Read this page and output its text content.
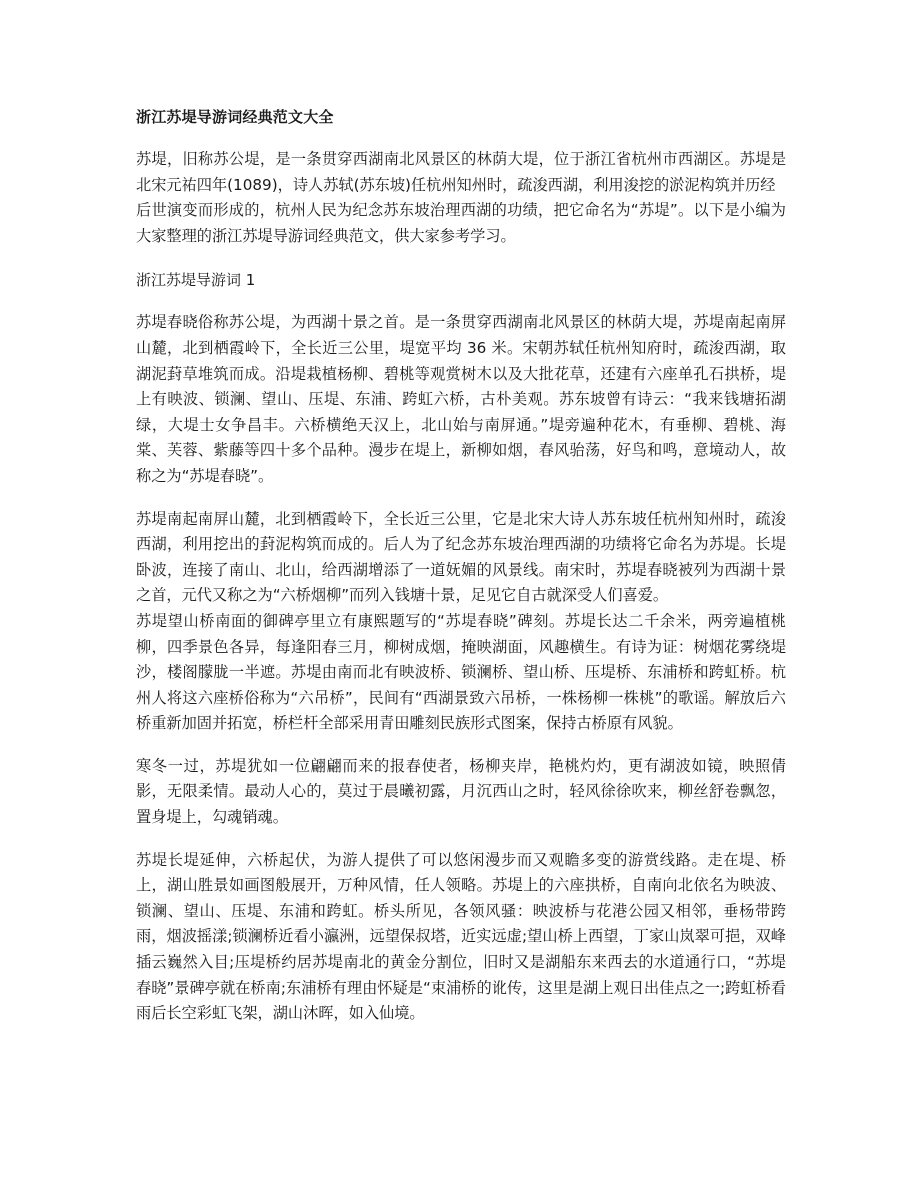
浙江苏堤导游词经典范文大全

苏堤，旧称苏公堤，是一条贯穿西湖南北风景区的林荫大堤，位于浙江省杭州市西湖区。苏堤是北宋元祐四年(1089)，诗人苏轼(苏东坡)任杭州知州时，疏浚西湖，利用浚挖的淤泥构筑并历经

后世演变而形成的，杭州人民为纪念苏东坡治理西湖的功绩，把它命名为“苏堤”。以下是小编为大家整理的浙江苏堤导游词经典范文，供大家参考学习。

浙江苏堤导游词 1

苏堤春晓俗称苏公堤，为西湖十景之首。是一条贯穿西湖南北风景区的林荫大堤，苏堤南起南屏山麓，北到栖霞岭下，全长近三公里，堤宽平均 36 米。宋朝苏轼任杭州知府时，疏浚西湖，取湖泥葑草堆筑而成。沿堤栽植杨柳、碧桃等观赏树木以及大批花草，还建有六座单孔石拱桥，堤上有映波、锁澜、望山、压堤、东浦、跨虹六桥，古朴美观。苏东坡曾有诗云：“我来钱塘拓湖绿，大堤士女争昌丰。六桥横绝天汉上，北山始与南屏通。”堤旁遍种花木，有垂柳、碧桃、海棠、芙蓉、紫藤等四十多个品种。漫步在堤上，新柳如烟，春风骀荡，好鸟和鸣，意境动人，故称之为“苏堤春晓”。

苏堤南起南屏山麓，北到栖霞岭下，全长近三公里，它是北宋大诗人苏东坡任杭州知州时，疏浚西湖，利用挖出的葑泥构筑而成的。后人为了纪念苏东坡治理西湖的功绩将它命名为苏堤。长堤卧波，连接了南山、北山，给西湖增添了一道妩媚的风景线。南宋时，苏堤春晓被列为西湖十景之首，元代又称之为“六桥烟柳”而列入钱塘十景，足见它自古就深受人们喜爱。

苏堤望山桥南面的御碑亭里立有康熙题写的“苏堤春晓”碑刻。苏堤长达二千余米，两旁遍植桃柳，四季景色各异，每逢阳春三月，柳树成烟，掩映湖面，风趣横生。有诗为证：树烟花雾绕堤沙，楼阁朦胧一半遮。苏堤由南而北有映波桥、锁澜桥、望山桥、压堤桥、东浦桥和跨虹桥。杭州人将这六座桥俗称为“六吊桥”，民间有“西湖景致六吊桥，一株杨柳一株桃”的歌谣。解放后六桥重新加固并拓宽，桥栏杆全部采用青田雕刻民族形式图案，保持古桥原有风貌。

寒冬一过，苏堤犹如一位翩翩而来的报春使者，杨柳夹岸，艳桃灼灼，更有湖波如镜，映照倩影，无限柔情。最动人心的，莫过于晨曦初露，月沉西山之时，轻风徐徐吹来，柳丝舒卷飘忽，置身堤上，勾魂销魂。

苏堤长堤延伸，六桥起伏，为游人提供了可以悠闲漫步而又观瞻多变的游赏线路。走在堤、桥上，湖山胜景如画图般展开，万种风情，任人领略。苏堤上的六座拱桥，自南向北依名为映波、锁澜、望山、压堤、东浦和跨虹。桥头所见，各领风骚：映波桥与花港公园又相邻，垂杨带跨雨，烟波摇漾;锁澜桥近看小瀛洲，远望保叔塔，近实远虚;望山桥上西望，丁家山岚翠可挹，双峰插云巍然入目;压堤桥约居苏堤南北的黄金分割位，旧时又是湖船东来西去的水道通行口，“苏堤春晓”景碑亭就在桥南;东浦桥有理由怀疑是“束浦桥的讹传，这里是湖上观日出佳点之一;跨虹桥看雨后长空彩虹飞架，湖山沐晖，如入仙境。
